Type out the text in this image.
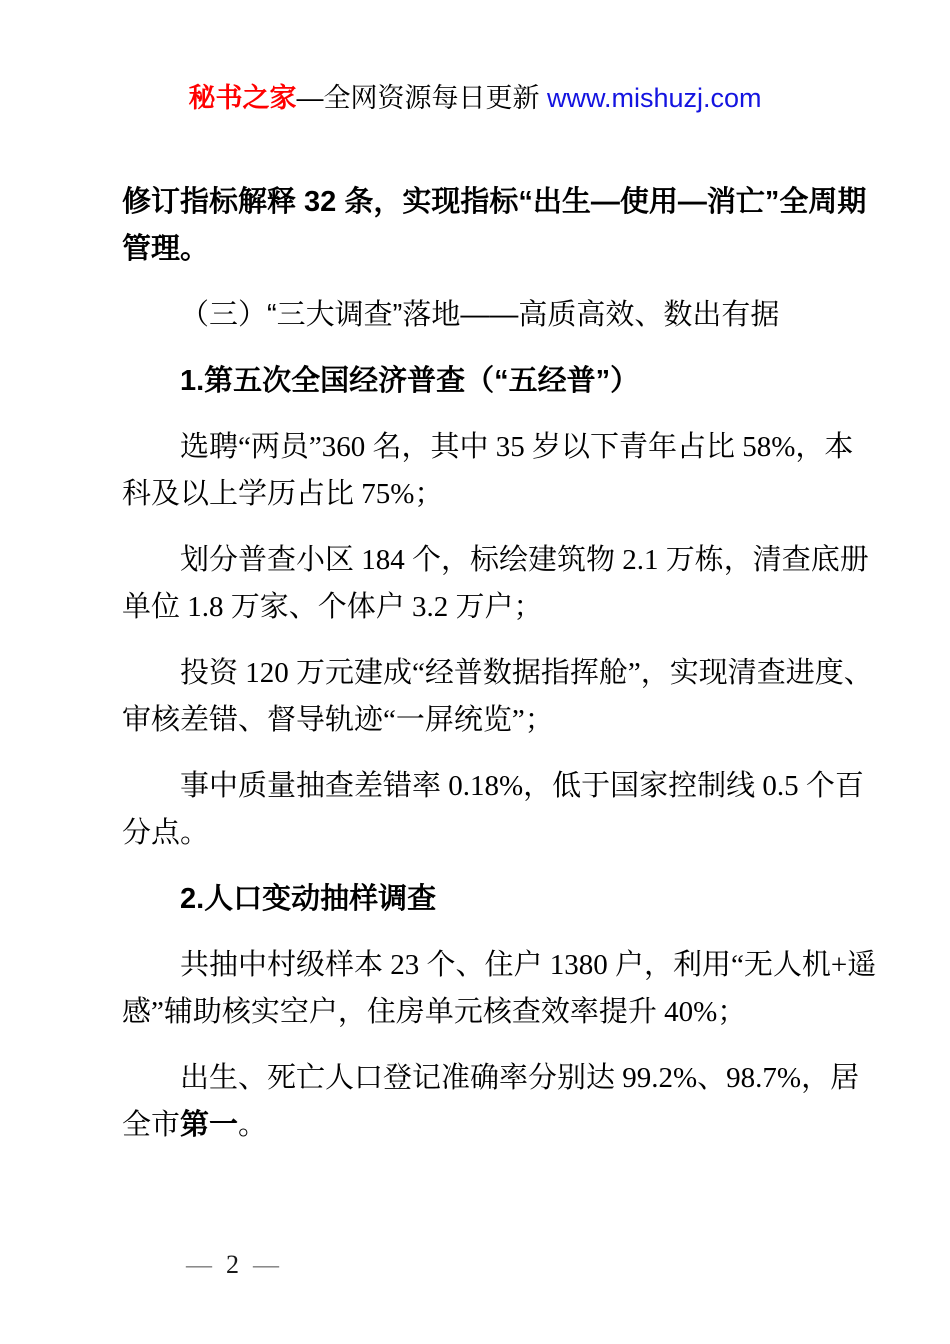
秘书之家—全网资源每日更新 www.mishuzj.com
修订指标解释 32 条，实现指标“出生—使用—消亡”全周期管理。
（三）“三大调查”落地——高质高效、数出有据
1.第五次全国经济普查（“五经普”）
选聘“两员”360 名，其中 35 岁以下青年占比 58%，本科及以上学历占比 75%；
划分普查小区 184 个，标绘建筑物 2.1 万栋，清查底册单位 1.8 万家、个体户 3.2 万户；
投资 120 万元建成“经普数据指挥舱”，实现清查进度、审核差错、督导轨迹“一屏统览”；
事中质量抽查差错率 0.18%，低于国家控制线 0.5 个百分点。
2.人口变动抽样调查
共抽中村级样本 23 个、住户 1380 户，利用“无人机+遥感”辅助核实空户，住房单元核查效率提升 40%；
出生、死亡人口登记准确率分别达 99.2%、98.7%，居全市第一。

— 2 —
